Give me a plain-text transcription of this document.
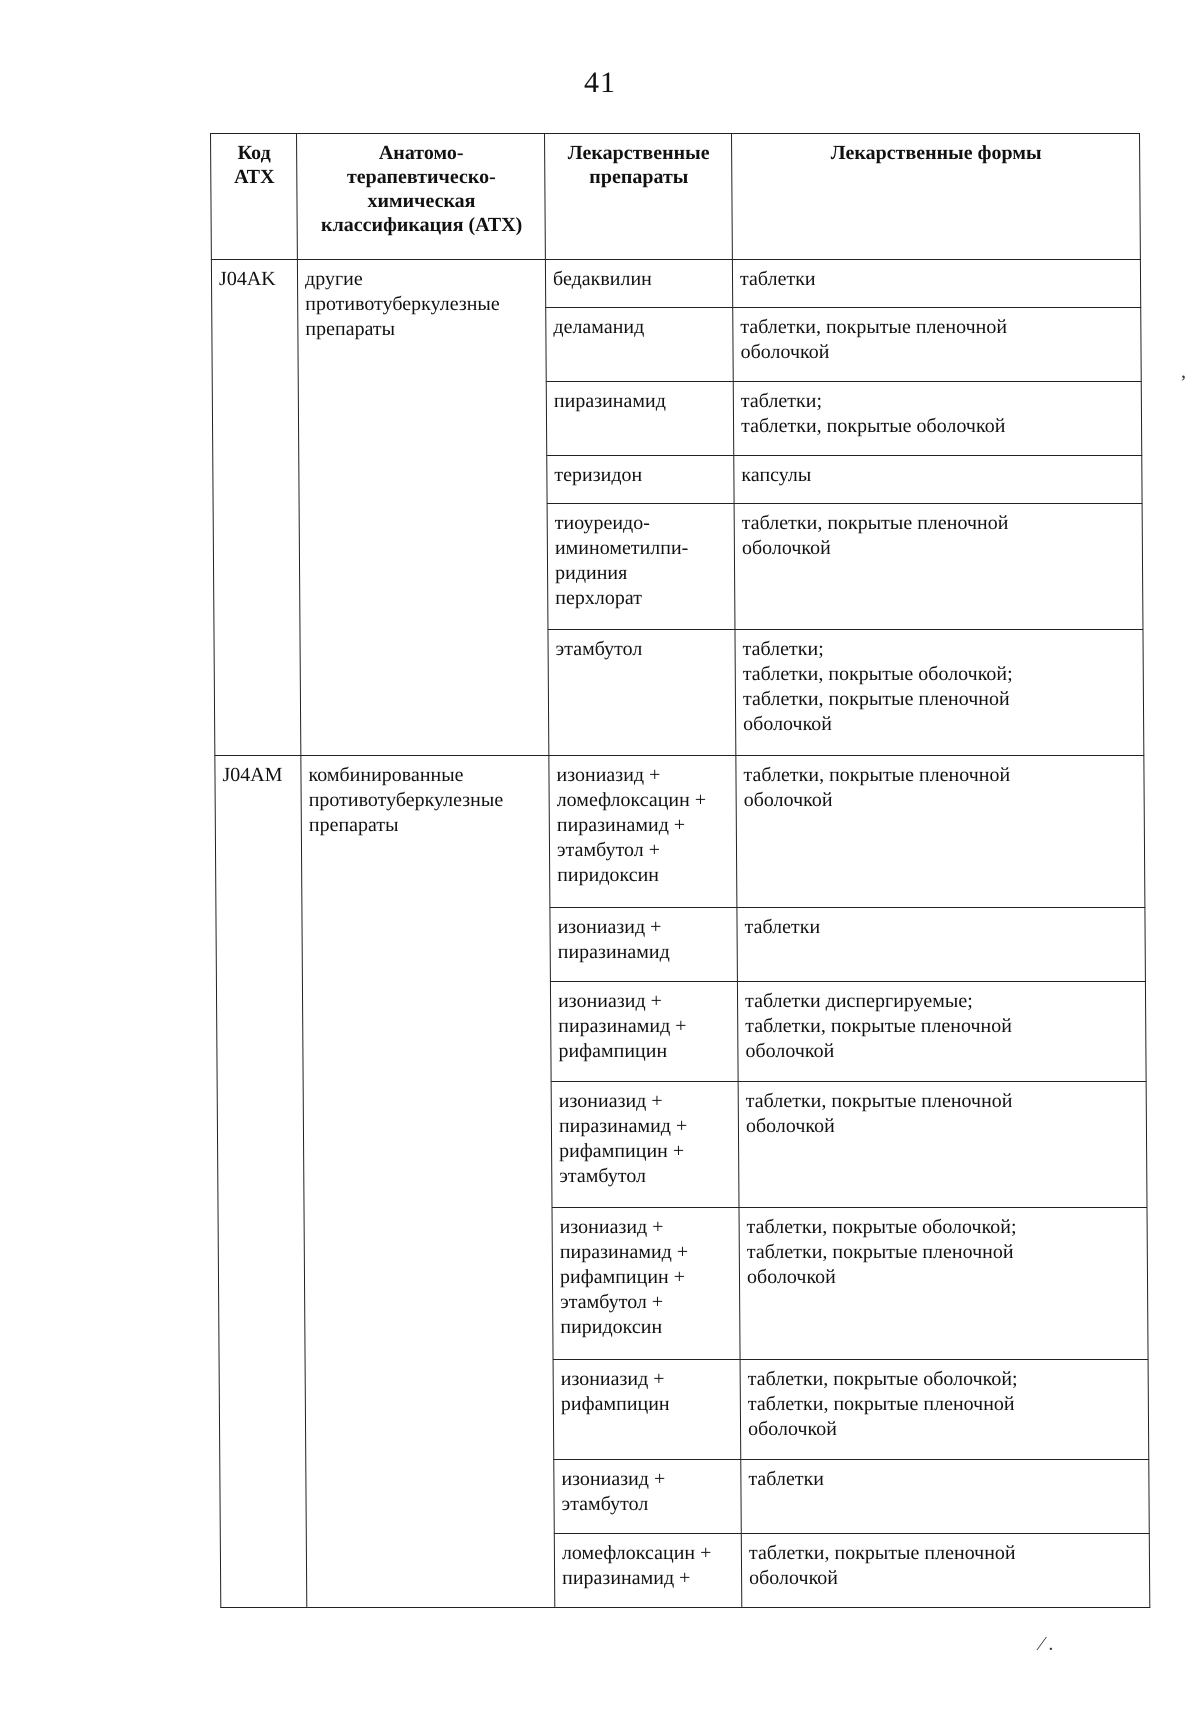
41
Код
АТХ	Анатомо-
терапевтическо-
химическая
классификация (АТХ)	Лекарственные
препараты	Лекарственные формы
J04AK	другие
противотуберкулезные
препараты	бедаквилин	таблетки
		деламанид	таблетки, покрытые пленочной
оболочкой
		пиразинамид	таблетки;
таблетки, покрытые оболочкой
		теризидон	капсулы
		тиоуреидо-
иминометилпи-
ридиния
перхлорат	таблетки, покрытые пленочной
оболочкой
		этамбутол	таблетки;
таблетки, покрытые оболочкой;
таблетки, покрытые пленочной
оболочкой
J04AM	комбинированные
противотуберкулезные
препараты	изониазид +
ломефлоксацин +
пиразинамид +
этамбутол +
пиридоксин	таблетки, покрытые пленочной
оболочкой
		изониазид +
пиразинамид	таблетки
		изониазид +
пиразинамид +
рифампицин	таблетки диспергируемые;
таблетки, покрытые пленочной
оболочкой
		изониазид +
пиразинамид +
рифампицин +
этамбутол	таблетки, покрытые пленочной
оболочкой
		изониазид +
пиразинамид +
рифампицин +
этамбутол +
пиридоксин	таблетки, покрытые оболочкой;
таблетки, покрытые пленочной
оболочкой
		изониазид +
рифампицин	таблетки, покрытые оболочкой;
таблетки, покрытые пленочной
оболочкой
		изониазид +
этамбутол	таблетки
		ломефлоксацин +
пиразинамид +	таблетки, покрытые пленочной
оболочкой
ʼ
⁄ .
